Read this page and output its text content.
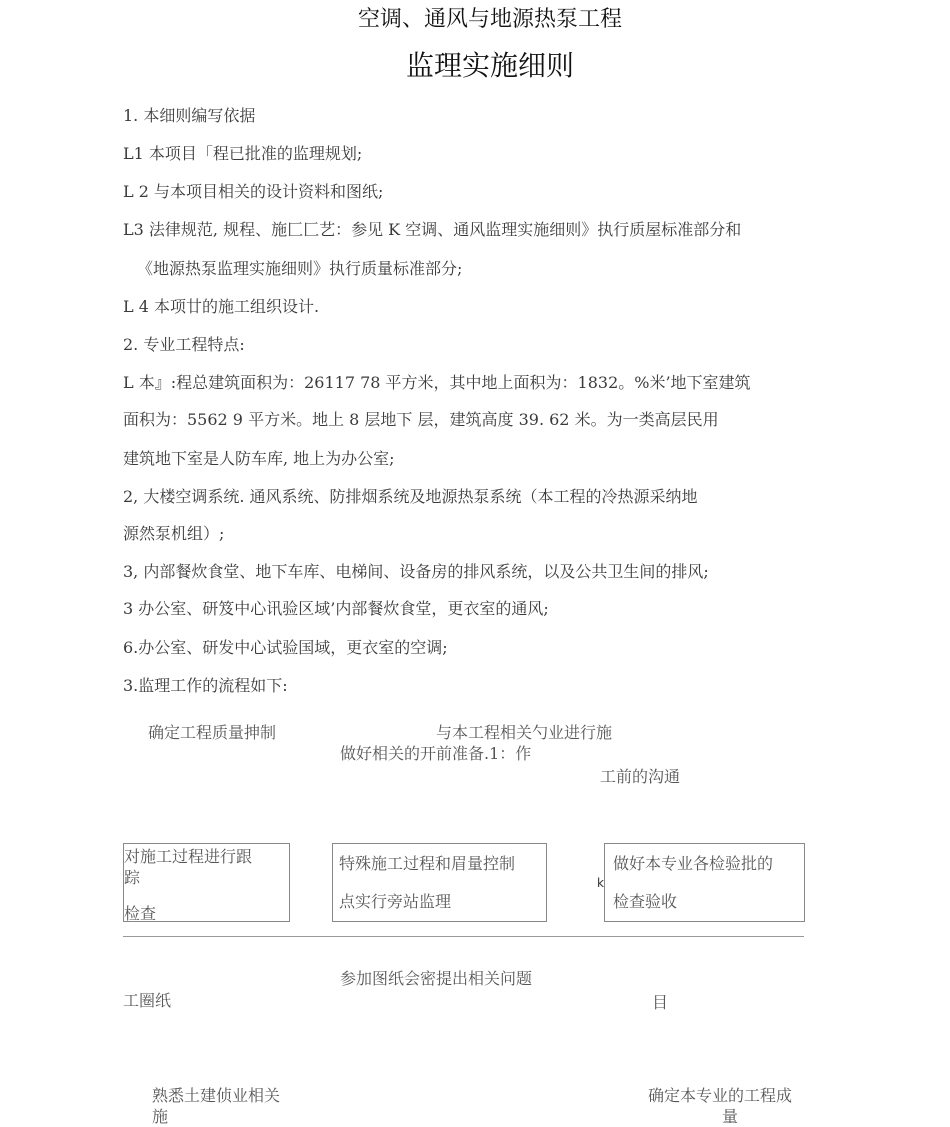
空调、通风与地源热泵工程
监理实施细则
1. 本细则编写依据
L1 本项目「程已批准的监理规划;
L 2 与本项目相关的设计资料和图纸;
L3 法律规范, 规程、施匚匚艺：参见 K 空调、通风监理实施细则》执行质屋标准部分和
《地源热泵监理实施细则》执行质量标准部分;
L 4 本项廿的施工组织设计.
2. 专业工程特点:
L 本』:程总建筑面积为：26117 78 平方米，其中地上面积为：1832。%米’地下室建筑
面积为：5562 9 平方米。地上 8 层地下 层，建筑高度 39. 62 米。为一类高层民用
建筑地下室是人防车库, 地上为办公室;
2, 大楼空调系统. 通风系统、防排烟系统及地源热泵系统（本工程的冷热源采纳地
源然泵机组）;
3, 内部餐炊食堂、地下车库、电梯间、设备房的排风系统，以及公共卫生间的排风;
3 办公室、研笈中心讯验区域’内部餐炊食堂，更衣室的通风;
6.办公室、研发中心试验国域，更衣室的空调;
3.监理工作的流程如下:
确定工程质量抻制	与本工程相关勺业进行施
做好相关的开前准备.1：作
工前的沟通
对施工过程进行跟
踪
检查
特殊施工过程和眉量控制
点实行旁站监理
k
做好本专业各检验批的
检查验收
参加图纸会密提出相关问题
工圈纸	目
熟悉土建侦业相关
施
确定本专业的工程成
量
